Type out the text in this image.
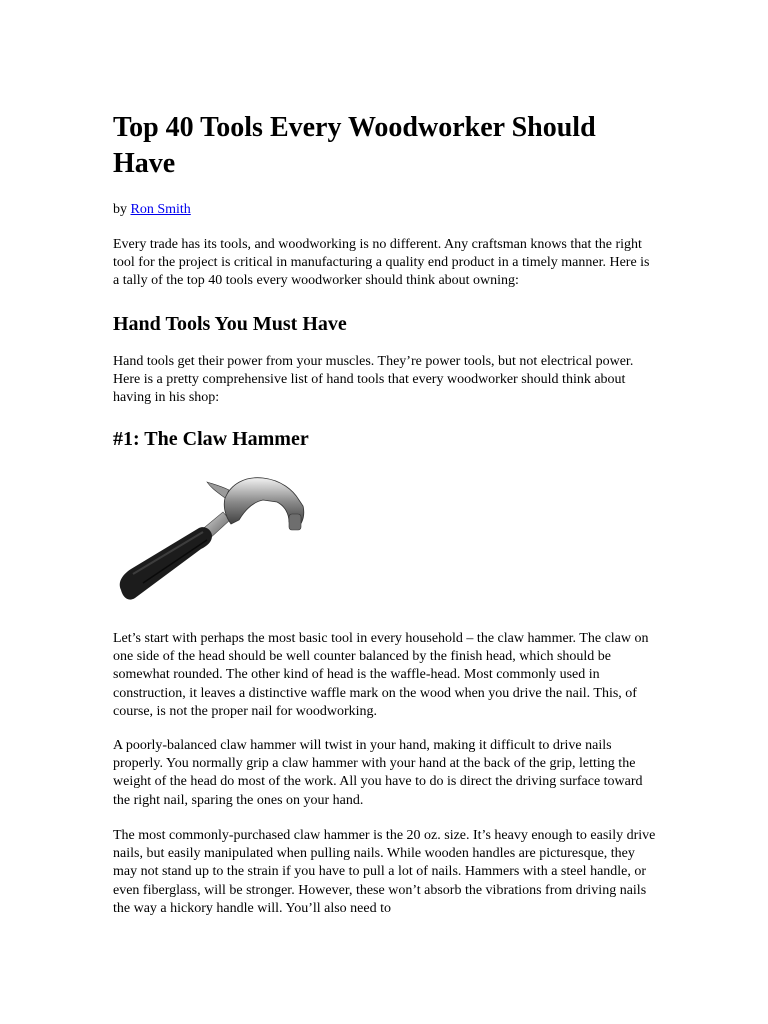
Top 40 Tools Every Woodworker Should Have

by Ron Smith

Every trade has its tools, and woodworking is no different. Any craftsman knows that the right tool for the project is critical in manufacturing a quality end product in a timely manner. Here is a tally of the top 40 tools every woodworker should think about owning:

Hand Tools You Must Have

Hand tools get their power from your muscles. They’re power tools, but not electrical power. Here is a pretty comprehensive list of hand tools that every woodworker should think about having in his shop:

#1: The Claw Hammer

Let’s start with perhaps the most basic tool in every household – the claw hammer. The claw on one side of the head should be well counter balanced by the finish head, which should be somewhat rounded. The other kind of head is the waffle-head. Most commonly used in construction, it leaves a distinctive waffle mark on the wood when you drive the nail. This, of course, is not the proper nail for woodworking.

A poorly-balanced claw hammer will twist in your hand, making it difficult to drive nails properly. You normally grip a claw hammer with your hand at the back of the grip, letting the weight of the head do most of the work. All you have to do is direct the driving surface toward the right nail, sparing the ones on your hand.

The most commonly-purchased claw hammer is the 20 oz. size. It’s heavy enough to easily drive nails, but easily manipulated when pulling nails. While wooden handles are picturesque, they may not stand up to the strain if you have to pull a lot of nails. Hammers with a steel handle, or even fiberglass, will be stronger. However, these won’t absorb the vibrations from driving nails the way a hickory handle will. You’ll also need to
